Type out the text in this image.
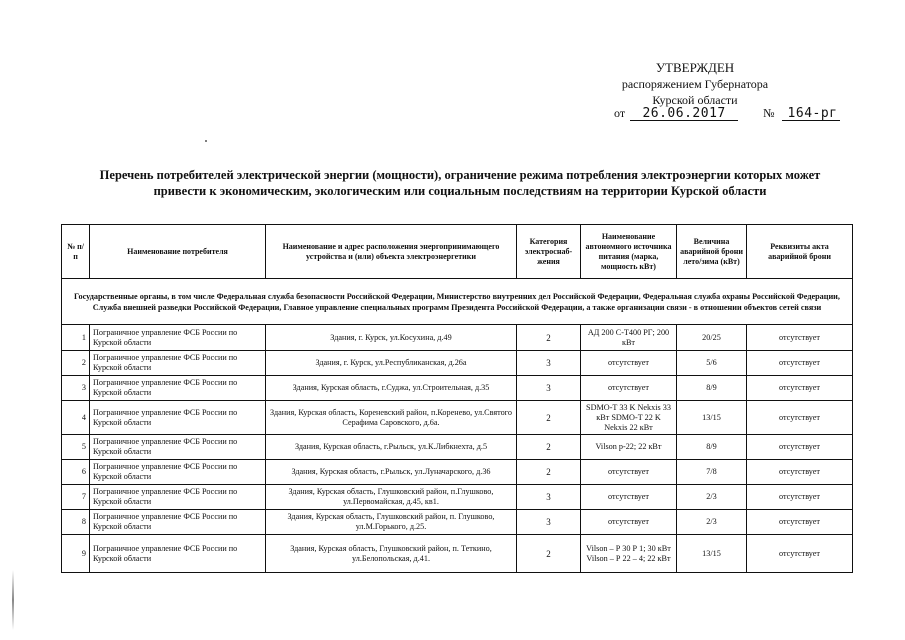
УТВЕРЖДЕН
распоряжением Губернатора
Курской области
от 26.06.2017	№ 164-рг
Перечень потребителей электрической энергии (мощности), ограничение режима потребления электроэнергии которых может
привести к экономическим, экологическим или социальным последствиям на территории Курской области
№ п/п	Наименование потребителя	Наименование и адрес расположения энергопринимающего устройства и (или) объекта электроэнергетики	Категория электроснаб-жения	Наименование автономного источника питания (марка, мощность кВт)	Величина аварийной брони лето/зима (кВт)	Реквизиты акта аварийной брони
Государственные органы, в том числе Федеральная служба безопасности Российской Федерации, Министерство внутренних дел Российской Федерации, Федеральная служба охраны Российской Федерации, Служба внешней разведки Российской Федерации, Главное управление специальных программ Президента Российской Федерации, а также организации связи - в отношении объектов сетей связи						
1	Пограничное управление ФСБ России по Курской области	Здания, г. Курск, ул.Косухина, д.49	2	АД 200 С-Т400 РГ; 200 кВт	20/25	отсутствует
2	Пограничное управление ФСБ России по Курской области	Здания, г. Курск, ул.Республиканская, д.26а	3	отсутствует	5/6	отсутствует
3	Пограничное управление ФСБ России по Курской области	Здания, Курская область, г.Суджа, ул.Строительная, д.35	3	отсутствует	8/9	отсутствует
4	Пограничное управление ФСБ России по Курской области	Здания, Курская область, Кореневский район, п.Коренево, ул.Святого Серафима Саровского, д.6а.	2	SDMO-T 33 K Nekxis 33 кВт SDMO-T 22 K Nekxis 22 кВт	13/15	отсутствует
5	Пограничное управление ФСБ России по Курской области	Здания, Курская область, г.Рыльск, ул.К.Либкнехта, д.5	2	Vilson р-22; 22 кВт	8/9	отсутствует
6	Пограничное управление ФСБ России по Курской области	Здания, Курская область, г.Рыльск, ул.Луначарского, д.36	2	отсутствует	7/8	отсутствует
7	Пограничное управление ФСБ России по Курской области	Здания, Курская область, Глушковский район, п.Глушково, ул.Первомайская, д.45, кв1.	3	отсутствует	2/3	отсутствует
8	Пограничное управление ФСБ России по Курской области	Здания, Курская область, Глушковский район, п. Глушково, ул.М.Горького, д.25.	3	отсутствует	2/3	отсутствует
9	Пограничное управление ФСБ России по Курской области	Здания, Курская область, Глушковский район, п. Теткино, ул.Белопольская, д.41.	2	Vilson – Р 30 Р 1; 30 кВт Vilson – Р 22 – 4; 22 кВт	13/15	отсутствует
